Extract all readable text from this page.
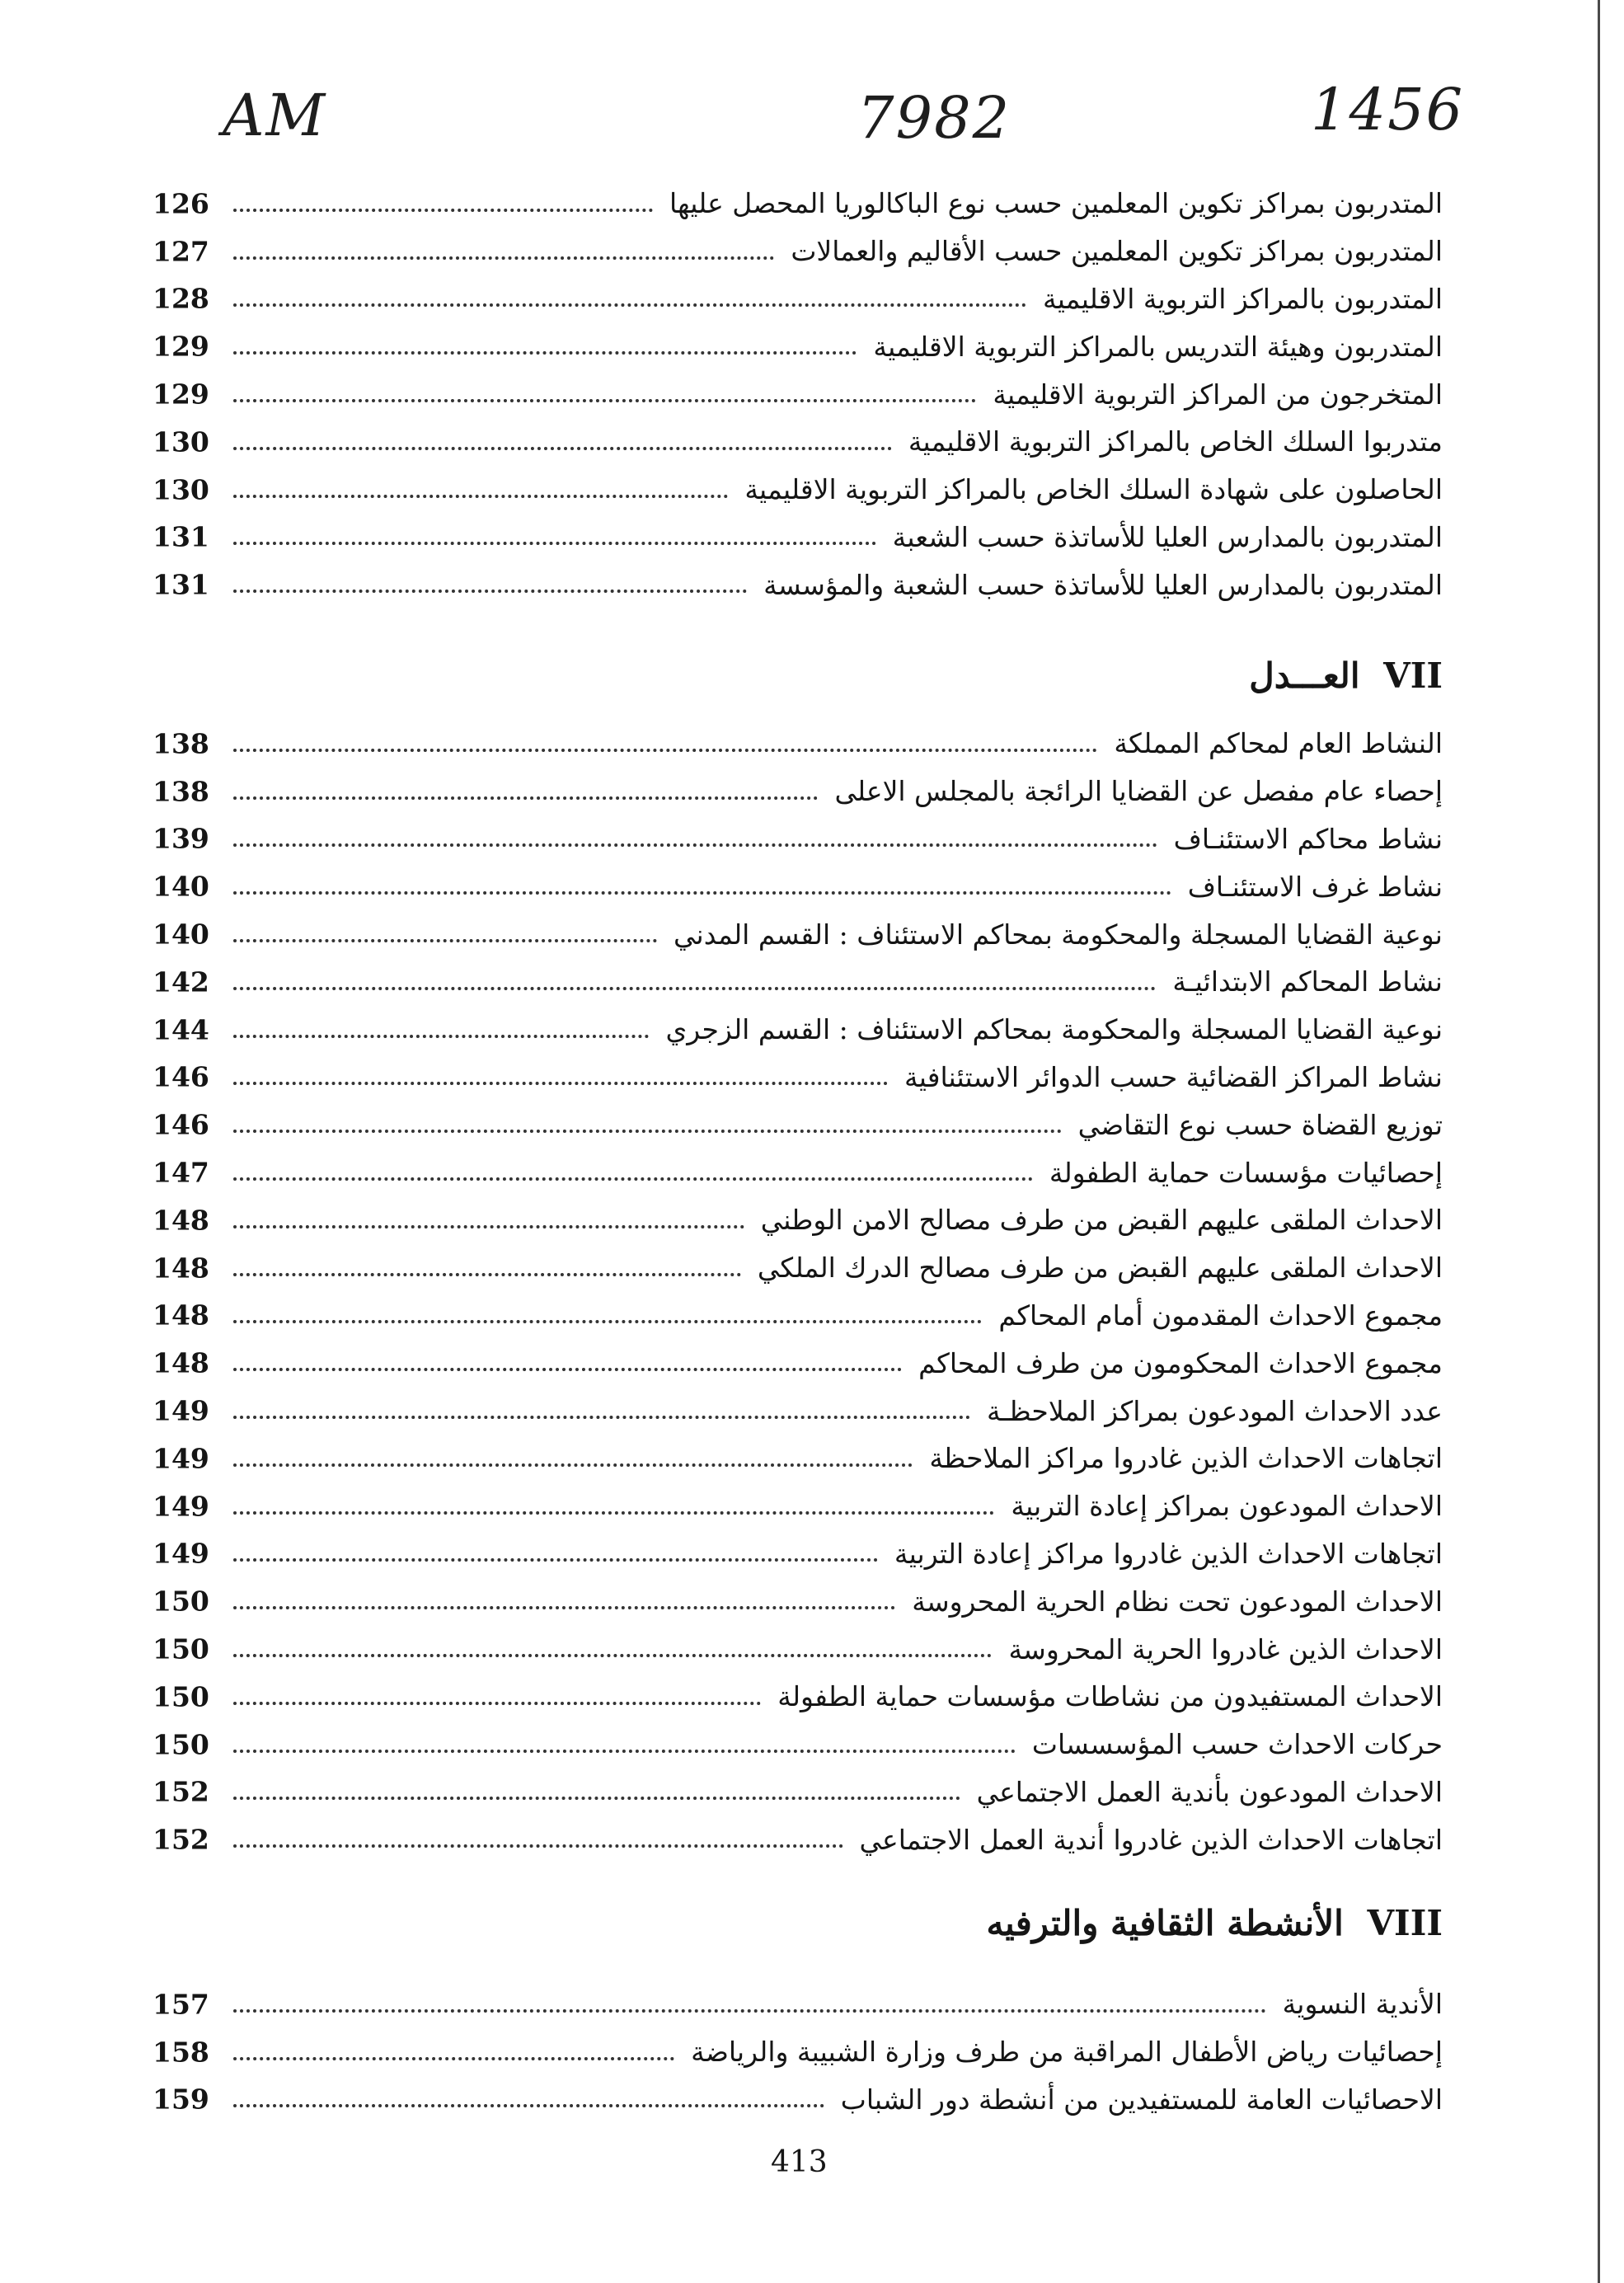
AM	7982	1456
126	المتدربون بمراكز تكوين المعلمين حسب نوع الباكالوريا المحصل عليها
127	المتدربون بمراكز تكوين المعلمين حسب الأقاليم والعمالات
128	المتدربون بالمراكز التربوية الاقليمية
129	المتدربون وهيئة التدريس بالمراكز التربوية الاقليمية
129	المتخرجون من المراكز التربوية الاقليمية
130	متدربوا السلك الخاص بالمراكز التربوية الاقليمية
130	الحاصلون على شهادة السلك الخاص بالمراكز التربوية الاقليمية
131	المتدربون بالمدارس العليا للأساتذة حسب الشعبة
131	المتدربون بالمدارس العليا للأساتذة حسب الشعبة والمؤسسة
VII العـــدل
138	النشاط العام لمحاكم المملكة
138	إحصاء عام مفصل عن القضايا الرائجة بالمجلس الاعلى
139	نشاط محاكم الاستئنـاف
140	نشاط غرف الاستئنـاف
140	نوعية القضايا المسجلة والمحكومة بمحاكم الاستئناف : القسم المدني
142	نشاط المحاكم الابتدائيـة
144	نوعية القضايا المسجلة والمحكومة بمحاكم الاستئناف : القسم الزجري
146	نشاط المراكز القضائية حسب الدوائر الاستئنافية
146	توزيع القضاة حسب نوع التقاضي
147	إحصائيات مؤسسات حماية الطفولة
148	الاحداث الملقى عليهم القبض من طرف مصالح الامن الوطني
148	الاحداث الملقى عليهم القبض من طرف مصالح الدرك الملكي
148	مجموع الاحداث المقدمون أمام المحاكم
148	مجموع الاحداث المحكومون من طرف المحاكم
149	عدد الاحداث المودعون بمراكز الملاحظـة
149	اتجاهات الاحداث الذين غادروا مراكز الملاحظة
149	الاحداث المودعون بمراكز إعادة التربية
149	اتجاهات الاحداث الذين غادروا مراكز إعادة التربية
150	الاحداث المودعون تحت نظام الحرية المحروسة
150	الاحداث الذين غادروا الحرية المحروسة
150	الاحداث المستفيدون من نشاطات مؤسسات حماية الطفولة
150	حركات الاحداث حسب المؤسسسات
152	الاحداث المودعون بأندية العمل الاجتماعي
152	اتجاهات الاحداث الذين غادروا أندية العمل الاجتماعي
VIII الأنشطة الثقافية والترفيه
157	الأندية النسوية
158	إحصائيات رياض الأطفال المراقبة من طرف وزارة الشبيبة والرياضة
159	الاحصائيات العامة للمستفيدين من أنشطة دور الشباب
413
